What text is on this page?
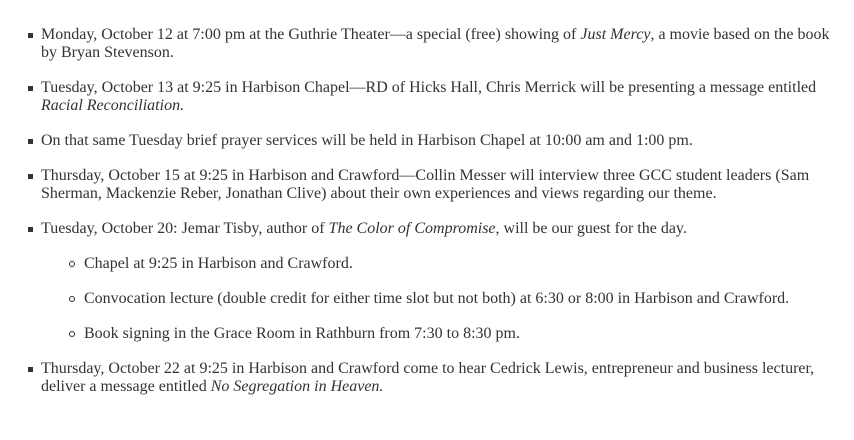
Monday, October 12 at 7:00 pm at the Guthrie Theater—a special (free) showing of Just Mercy, a movie based on the book by Bryan Stevenson.
Tuesday, October 13 at 9:25 in Harbison Chapel—RD of Hicks Hall, Chris Merrick will be presenting a message entitled Racial Reconciliation.
On that same Tuesday brief prayer services will be held in Harbison Chapel at 10:00 am and 1:00 pm.
Thursday, October 15 at 9:25 in Harbison and Crawford—Collin Messer will interview three GCC student leaders (Sam Sherman, Mackenzie Reber, Jonathan Clive) about their own experiences and views regarding our theme.
Tuesday, October 20: Jemar Tisby, author of The Color of Compromise, will be our guest for the day.
Chapel at 9:25 in Harbison and Crawford.
Convocation lecture (double credit for either time slot but not both) at 6:30 or 8:00 in Harbison and Crawford.
Book signing in the Grace Room in Rathburn from 7:30 to 8:30 pm.
Thursday, October 22 at 9:25 in Harbison and Crawford come to hear Cedrick Lewis, entrepreneur and business lecturer, deliver a message entitled No Segregation in Heaven.
